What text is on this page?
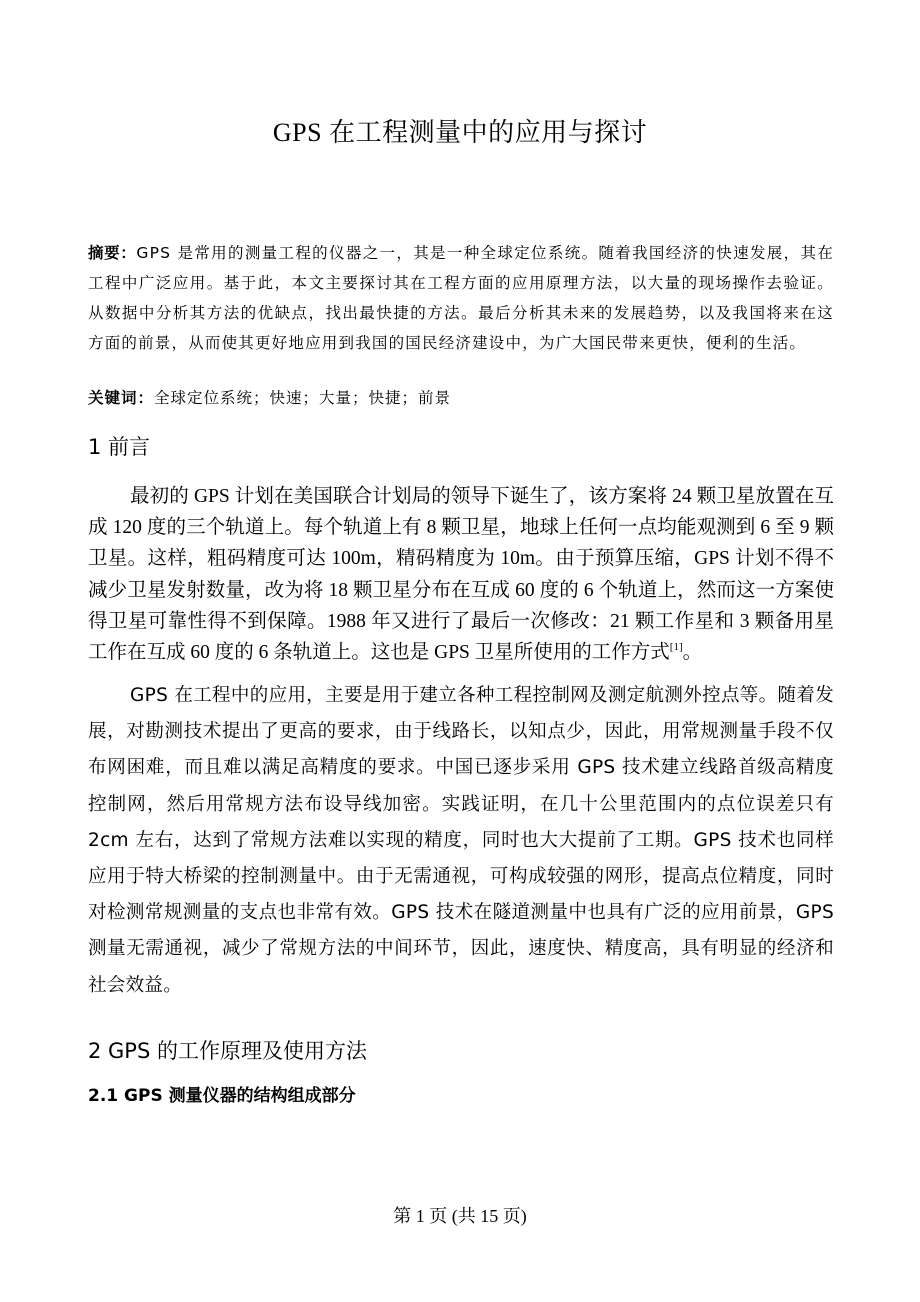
GPS 在工程测量中的应用与探讨
摘要：GPS 是常用的测量工程的仪器之一，其是一种全球定位系统。随着我国经济的快速发展，其在工程中广泛应用。基于此，本文主要探讨其在工程方面的应用原理方法，以大量的现场操作去验证。从数据中分析其方法的优缺点，找出最快捷的方法。最后分析其未来的发展趋势，以及我国将来在这方面的前景，从而使其更好地应用到我国的国民经济建设中，为广大国民带来更快，便利的生活。
关键词：全球定位系统；快速；大量；快捷；前景
1 前言
最初的 GPS 计划在美国联合计划局的领导下诞生了，该方案将 24 颗卫星放置在互成 120 度的三个轨道上。每个轨道上有 8 颗卫星，地球上任何一点均能观测到 6 至 9 颗卫星。这样，粗码精度可达 100m，精码精度为 10m。由于预算压缩，GPS 计划不得不减少卫星发射数量，改为将 18 颗卫星分布在互成 60 度的 6 个轨道上，然而这一方案使得卫星可靠性得不到保障。1988 年又进行了最后一次修改：21 颗工作星和 3 颗备用星工作在互成 60 度的 6 条轨道上。这也是 GPS 卫星所使用的工作方式[1]。
GPS 在工程中的应用，主要是用于建立各种工程控制网及测定航测外控点等。随着发展，对勘测技术提出了更高的要求，由于线路长，以知点少，因此，用常规测量手段不仅布网困难，而且难以满足高精度的要求。中国已逐步采用 GPS 技术建立线路首级高精度控制网，然后用常规方法布设导线加密。实践证明，在几十公里范围内的点位误差只有 2cm 左右，达到了常规方法难以实现的精度，同时也大大提前了工期。GPS 技术也同样应用于特大桥梁的控制测量中。由于无需通视，可构成较强的网形，提高点位精度，同时对检测常规测量的支点也非常有效。GPS 技术在隧道测量中也具有广泛的应用前景，GPS 测量无需通视，减少了常规方法的中间环节，因此，速度快、精度高，具有明显的经济和社会效益。
2 GPS 的工作原理及使用方法
2.1 GPS 测量仪器的结构组成部分
第 1 页 (共 15 页)
